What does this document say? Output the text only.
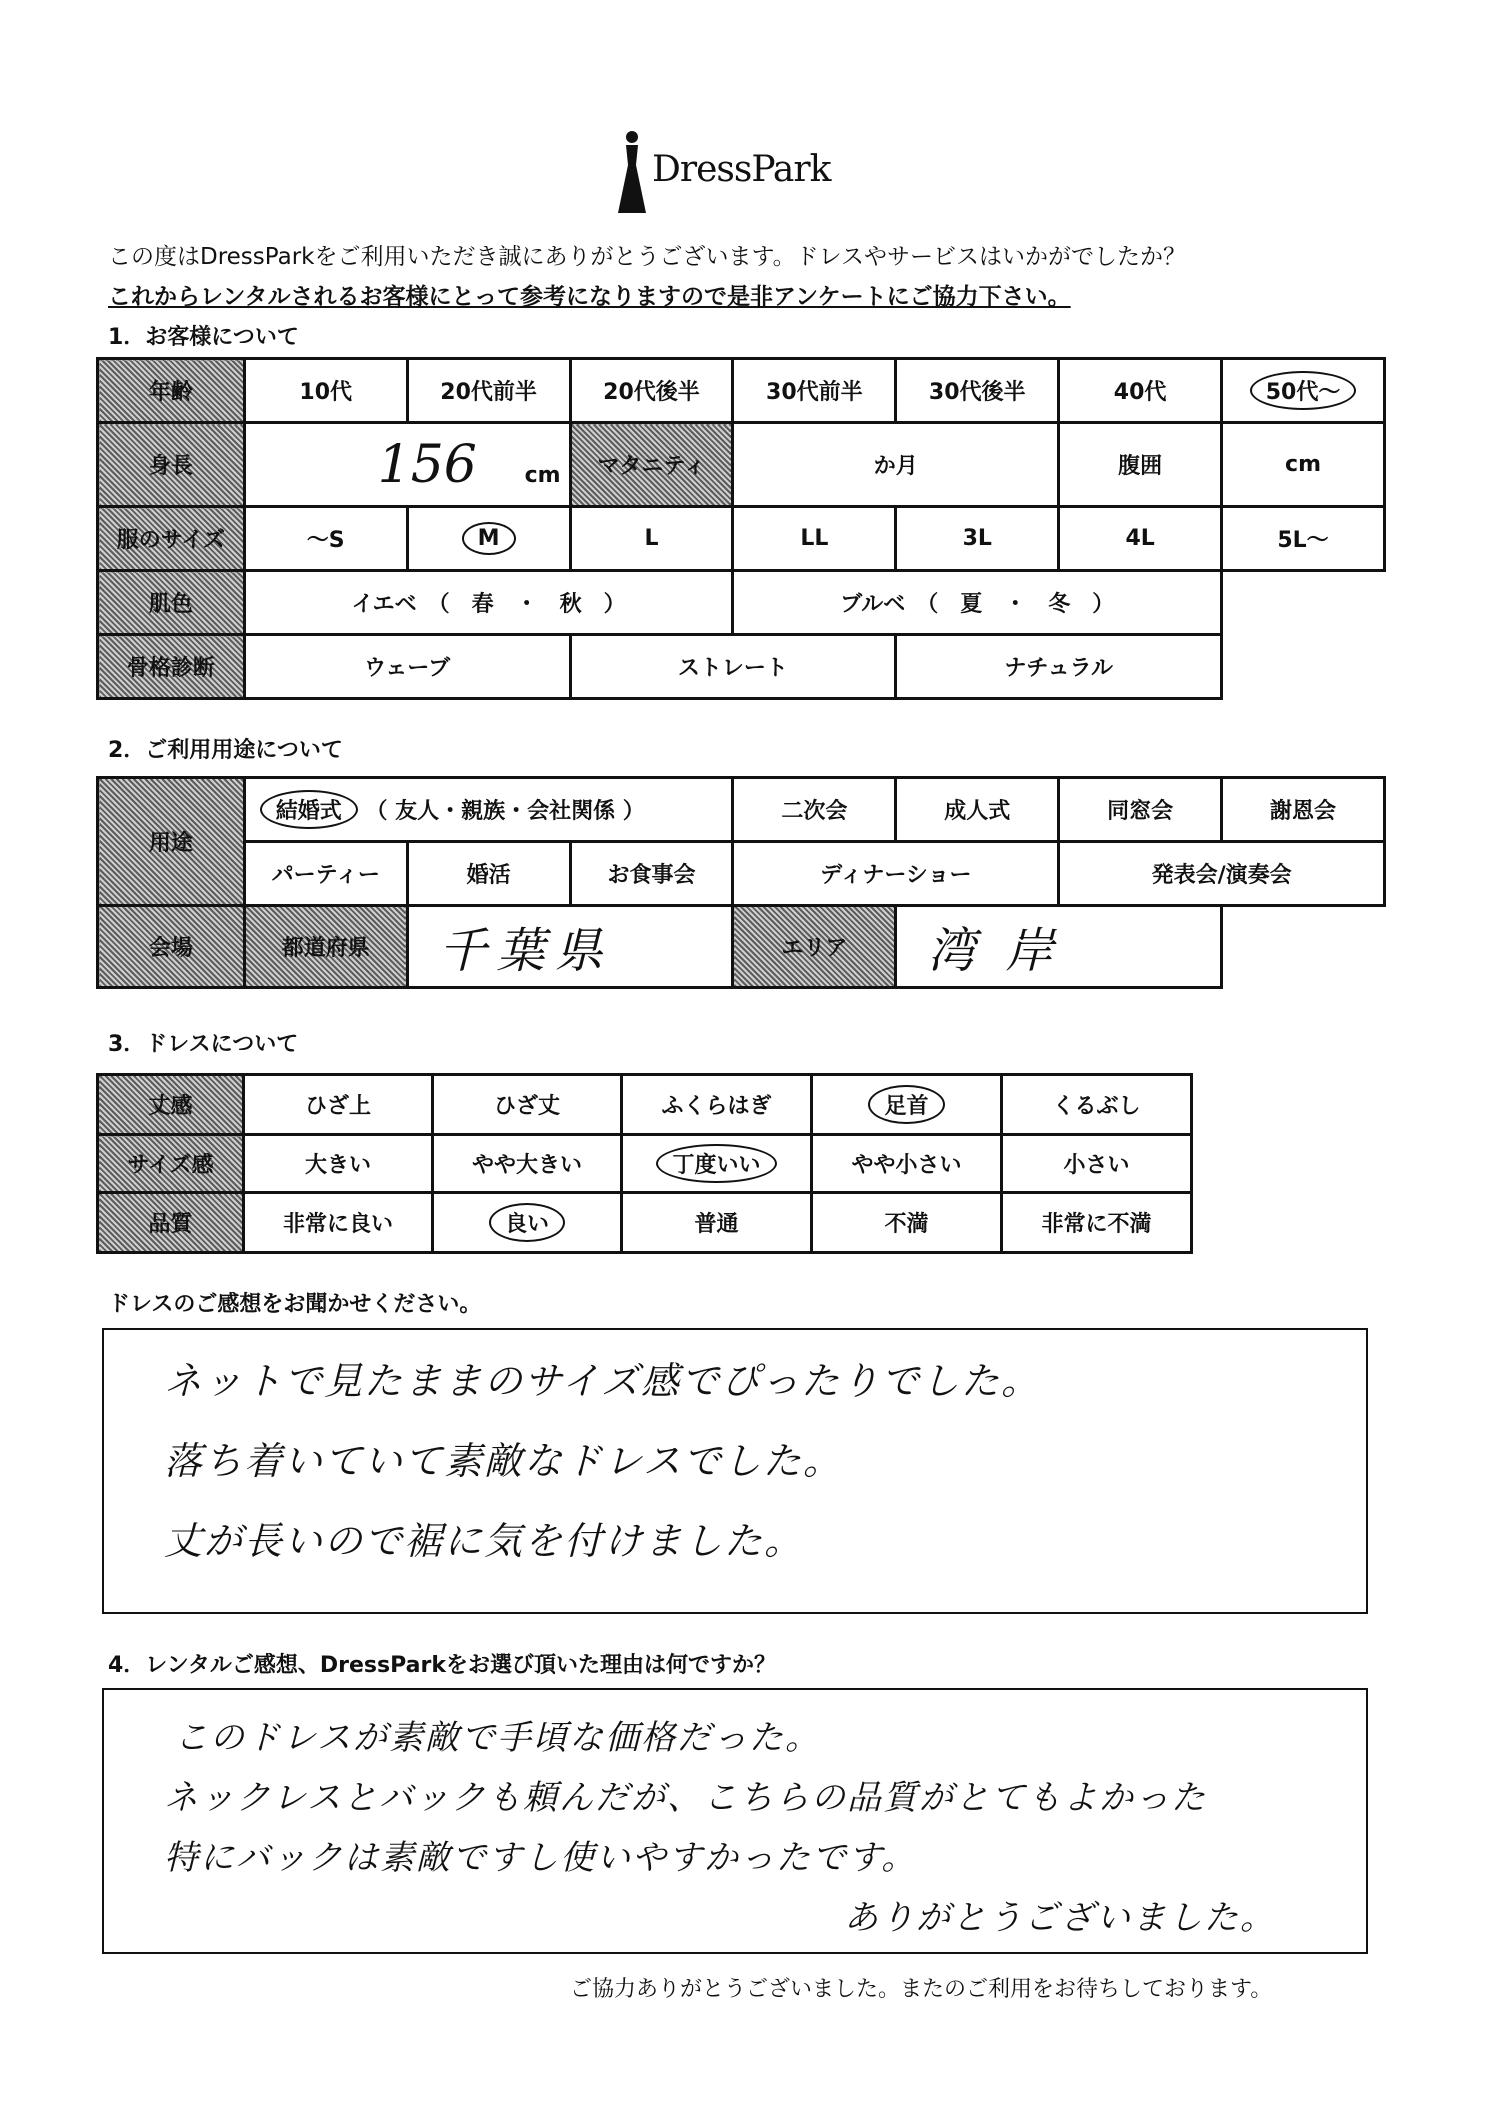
DressPark
この度はDressParkをご利用いただき誠にありがとうございます。ドレスやサービスはいかがでしたか？
これからレンタルされるお客様にとって参考になりますので是非アンケートにご協力下さい。
1．お客様について
年齢	10代	20代前半	20代後半	30代前半	30代後半	40代	50代～
身長	156 cm		マタニティ	か月		腹囲	cm
服のサイズ	～S	M	L	LL	3L	4L	5L～
肌色	イエベ　（　春　・　秋　）			ブルベ　（　夏　・　冬　）			
骨格診断	ウェーブ		ストレート		ナチュラル		
2．ご利用用途について
用途	結婚式 （ 友人・親族・会社関係 ）			二次会	成人式	同窓会	謝恩会
	パーティー	婚活	お食事会	ディナーショー		発表会/演奏会	
会場	都道府県	千葉県		エリア	湾岸		
3．ドレスについて
丈感	ひざ上	ひざ丈	ふくらはぎ	足首	くるぶし
サイズ感	大きい	やや大きい	丁度いい	やや小さい	小さい
品質	非常に良い	良い	普通	不満	非常に不満
ドレスのご感想をお聞かせください。
ネットで見たままのサイズ感でぴったりでした。
落ち着いていて素敵なドレスでした。
丈が長いので裾に気を付けました。
4．レンタルご感想、DressParkをお選び頂いた理由は何ですか？
このドレスが素敵で手頃な価格だった。
ネックレスとバックも頼んだが、こちらの品質がとてもよかった
特にバックは素敵ですし使いやすかったです。
ありがとうございました。
ご協力ありがとうございました。またのご利用をお待ちしております。
